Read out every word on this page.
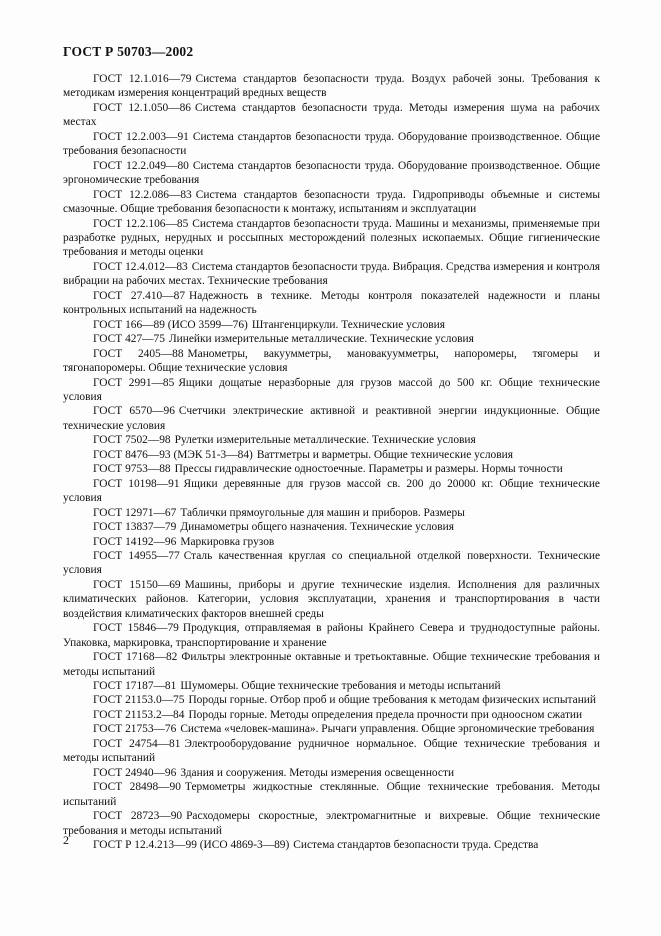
ГОСТ Р 50703—2002
ГОСТ 12.1.016—79 Система стандартов безопасности труда. Воздух рабочей зоны. Требования к методикам измерения концентраций вредных веществ
ГОСТ 12.1.050—86 Система стандартов безопасности труда. Методы измерения шума на рабочих местах
ГОСТ 12.2.003—91 Система стандартов безопасности труда. Оборудование производственное. Общие требования безопасности
ГОСТ 12.2.049—80 Система стандартов безопасности труда. Оборудование производственное. Общие эргономические требования
ГОСТ 12.2.086—83 Система стандартов безопасности труда. Гидроприводы объемные и системы смазочные. Общие требования безопасности к монтажу, испытаниям и эксплуатации
ГОСТ 12.2.106—85 Система стандартов безопасности труда. Машины и механизмы, применяемые при разработке рудных, нерудных и россыпных месторождений полезных ископаемых. Общие гигиенические требования и методы оценки
ГОСТ 12.4.012—83 Система стандартов безопасности труда. Вибрация. Средства измерения и контроля вибрации на рабочих местах. Технические требования
ГОСТ 27.410—87 Надежность в технике. Методы контроля показателей надежности и планы контрольных испытаний на надежность
ГОСТ 166—89 (ИСО 3599—76) Штангенциркули. Технические условия
ГОСТ 427—75 Линейки измерительные металлические. Технические условия
ГОСТ 2405—88 Манометры, вакуумметры, мановакуумметры, напоромеры, тягомеры и тягонапоромеры. Общие технические условия
ГОСТ 2991—85 Ящики дощатые неразборные для грузов массой до 500 кг. Общие технические условия
ГОСТ 6570—96 Счетчики электрические активной и реактивной энергии индукционные. Общие технические условия
ГОСТ 7502—98 Рулетки измерительные металлические. Технические условия
ГОСТ 8476—93 (МЭК 51-3—84) Ваттметры и варметры. Общие технические условия
ГОСТ 9753—88 Прессы гидравлические одностоечные. Параметры и размеры. Нормы точности
ГОСТ 10198—91 Ящики деревянные для грузов массой св. 200 до 20000 кг. Общие технические условия
ГОСТ 12971—67 Таблички прямоугольные для машин и приборов. Размеры
ГОСТ 13837—79 Динамометры общего назначения. Технические условия
ГОСТ 14192—96 Маркировка грузов
ГОСТ 14955—77 Сталь качественная круглая со специальной отделкой поверхности. Технические условия
ГОСТ 15150—69 Машины, приборы и другие технические изделия. Исполнения для различных климатических районов. Категории, условия эксплуатации, хранения и транспортирования в части воздействия климатических факторов внешней среды
ГОСТ 15846—79 Продукция, отправляемая в районы Крайнего Севера и труднодоступные районы. Упаковка, маркировка, транспортирование и хранение
ГОСТ 17168—82 Фильтры электронные октавные и третьоктавные. Общие технические требования и методы испытаний
ГОСТ 17187—81 Шумомеры. Общие технические требования и методы испытаний
ГОСТ 21153.0—75 Породы горные. Отбор проб и общие требования к методам физических испытаний
ГОСТ 21153.2—84 Породы горные. Методы определения предела прочности при одноосном сжатии
ГОСТ 21753—76 Система «человек-машина». Рычаги управления. Общие эргономические требования
ГОСТ 24754—81 Электрооборудование рудничное нормальное. Общие технические требования и методы испытаний
ГОСТ 24940—96 Здания и сооружения. Методы измерения освещенности
ГОСТ 28498—90 Термометры жидкостные стеклянные. Общие технические требования. Методы испытаний
ГОСТ 28723—90 Расходомеры скоростные, электромагнитные и вихревые. Общие технические требования и методы испытаний
ГОСТ Р 12.4.213—99 (ИСО 4869-3—89) Система стандартов безопасности труда. Средства
2
